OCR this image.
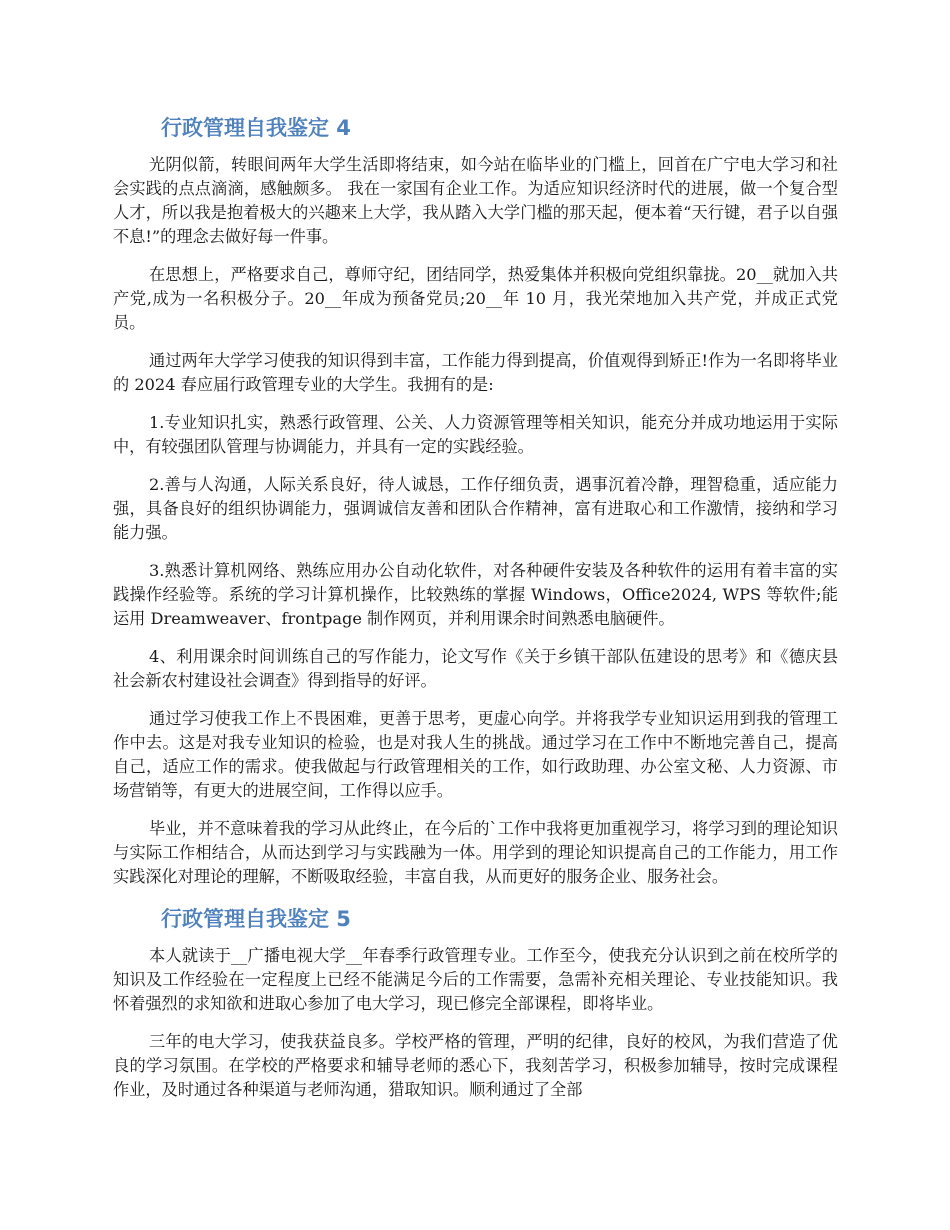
行政管理自我鉴定 4

光阴似箭，转眼间两年大学生活即将结束，如今站在临毕业的门槛上，回首在广宁电大学习和社会实践的点点滴滴，感触颇多。 我在一家国有企业工作。为适应知识经济时代的进展，做一个复合型人才，所以我是抱着极大的兴趣来上大学，我从踏入大学门槛的那天起，便本着“天行键，君子以自强不息!”的理念去做好每一件事。

在思想上，严格要求自己，尊师守纪，团结同学，热爱集体并积极向党组织靠拢。20__就加入共产党,成为一名积极分子。20__年成为预备党员;20__年 10 月，我光荣地加入共产党，并成正式党员。

通过两年大学学习使我的知识得到丰富，工作能力得到提高，价值观得到矫正!作为一名即将毕业的 2024 春应届行政管理专业的大学生。我拥有的是:

1.专业知识扎实，熟悉行政管理、公关、人力资源管理等相关知识，能充分并成功地运用于实际中，有较强团队管理与协调能力，并具有一定的实践经验。

2.善与人沟通，人际关系良好，待人诚恳，工作仔细负责，遇事沉着冷静，理智稳重，适应能力强，具备良好的组织协调能力，强调诚信友善和团队合作精神，富有进取心和工作激情，接纳和学习能力强。

3.熟悉计算机网络、熟练应用办公自动化软件，对各种硬件安装及各种软件的运用有着丰富的实践操作经验等。系统的学习计算机操作，比较熟练的掌握 Windows，Office2024, WPS 等软件;能运用 Dreamweaver、frontpage 制作网页，并利用课余时间熟悉电脑硬件。

4、利用课余时间训练自己的写作能力，论文写作《关于乡镇干部队伍建设的思考》和《德庆县社会新农村建设社会调查》得到指导的好评。

通过学习使我工作上不畏困难，更善于思考，更虚心向学。并将我学专业知识运用到我的管理工作中去。这是对我专业知识的检验，也是对我人生的挑战。通过学习在工作中不断地完善自己，提高自己，适应工作的需求。使我做起与行政管理相关的工作，如行政助理、办公室文秘、人力资源、市场营销等，有更大的进展空间，工作得以应手。

毕业，并不意味着我的学习从此终止，在今后的`工作中我将更加重视学习，将学习到的理论知识与实际工作相结合，从而达到学习与实践融为一体。用学到的理论知识提高自己的工作能力，用工作实践深化对理论的理解，不断吸取经验，丰富自我，从而更好的服务企业、服务社会。

行政管理自我鉴定 5

本人就读于__广播电视大学__年春季行政管理专业。工作至今，使我充分认识到之前在校所学的知识及工作经验在一定程度上已经不能满足今后的工作需要，急需补充相关理论、专业技能知识。我怀着强烈的求知欲和进取心参加了电大学习，现已修完全部课程，即将毕业。

三年的电大学习，使我获益良多。学校严格的管理，严明的纪律，良好的校风，为我们营造了优良的学习氛围。在学校的严格要求和辅导老师的悉心下，我刻苦学习，积极参加辅导，按时完成课程作业，及时通过各种渠道与老师沟通，猎取知识。顺利通过了全部
